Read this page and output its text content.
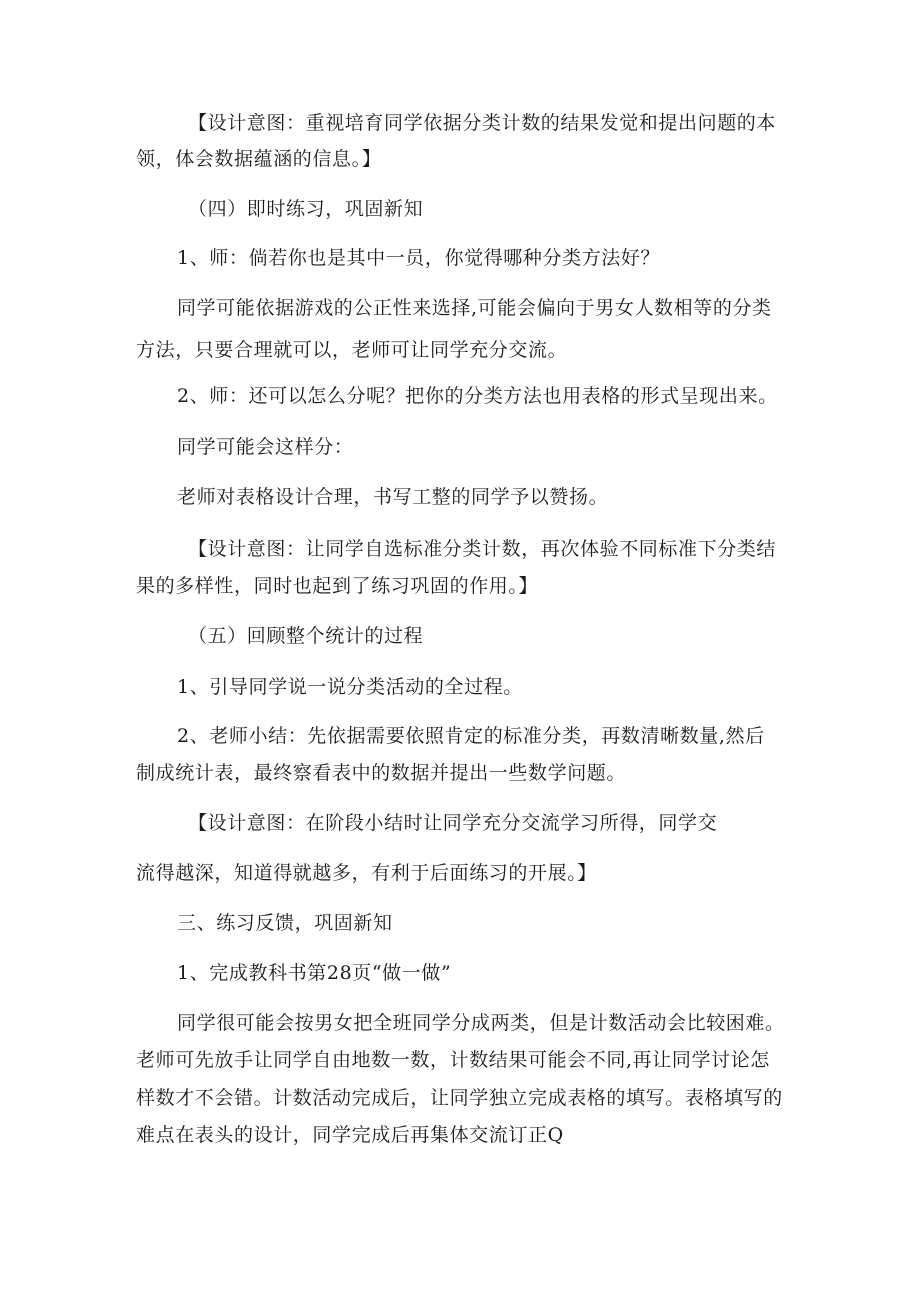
【设计意图：重视培育同学依据分类计数的结果发觉和提出问题的本
领，体会数据蕴涵的信息。】
（四）即时练习，巩固新知
1、师：倘若你也是其中一员，你觉得哪种分类方法好？
同学可能依据游戏的公正性来选择,可能会偏向于男女人数相等的分类
方法，只要合理就可以，老师可让同学充分交流。
2、师：还可以怎么分呢？把你的分类方法也用表格的形式呈现出来。
同学可能会这样分：
老师对表格设计合理，书写工整的同学予以赞扬。
【设计意图：让同学自选标准分类计数，再次体验不同标准下分类结
果的多样性，同时也起到了练习巩固的作用。】
（五）回顾整个统计的过程
1、引导同学说一说分类活动的全过程。
2、老师小结：先依据需要依照肯定的标准分类，再数清晰数量,然后
制成统计表，最终察看表中的数据并提出一些数学问题。
【设计意图：在阶段小结时让同学充分交流学习所得，同学交
流得越深，知道得就越多，有利于后面练习的开展。】
三、练习反馈，巩固新知
1、完成教科书第28页“做一做”
同学很可能会按男女把全班同学分成两类，但是计数活动会比较困难。
老师可先放手让同学自由地数一数，计数结果可能会不同,再让同学讨论怎
样数才不会错。计数活动完成后，让同学独立完成表格的填写。表格填写的
难点在表头的设计，同学完成后再集体交流订正Q
